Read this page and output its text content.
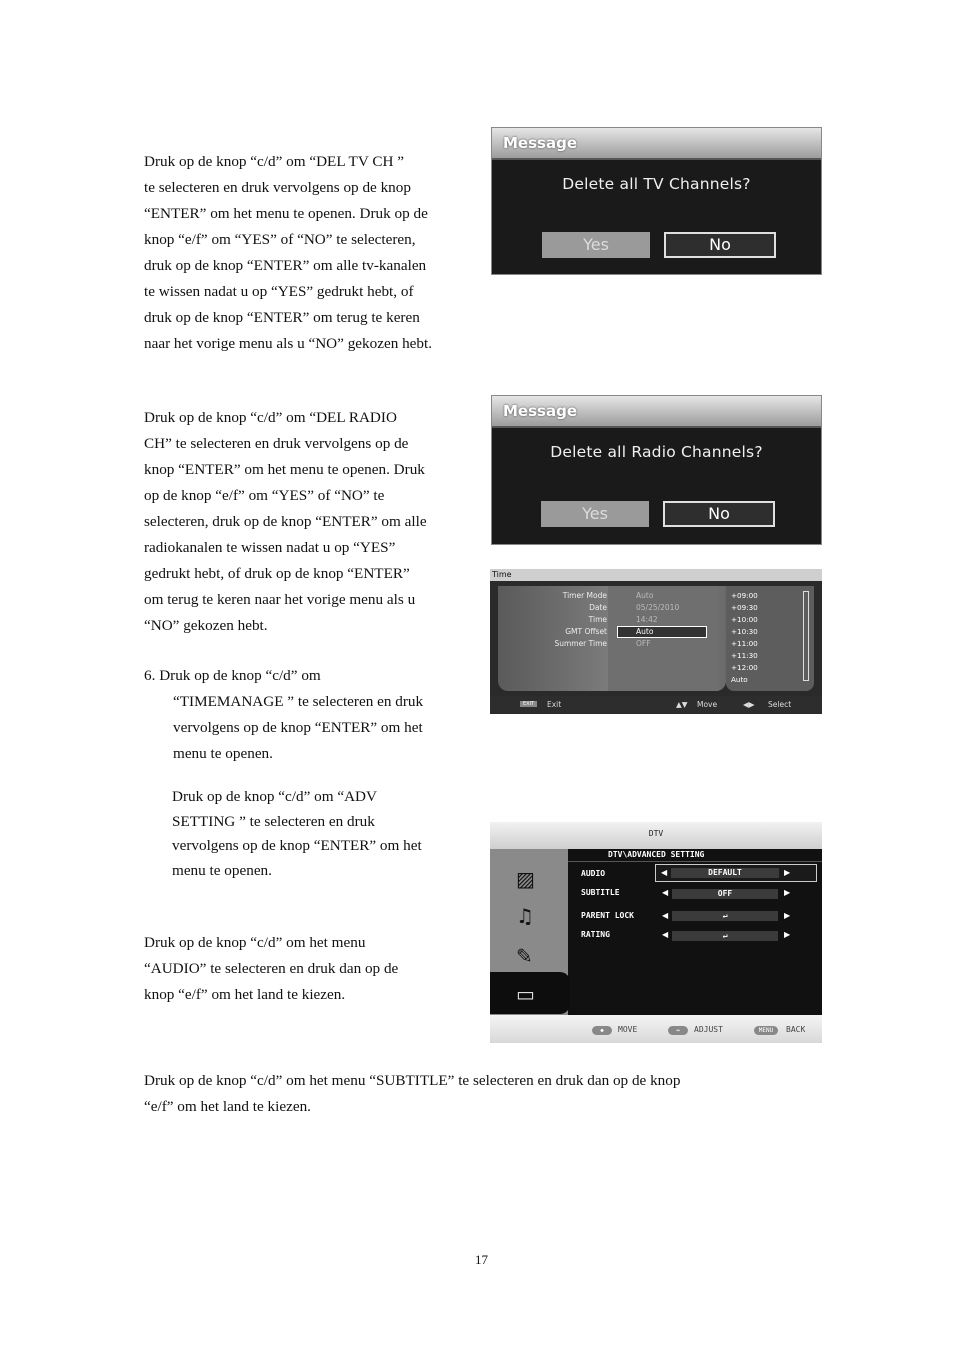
Druk op de knop “c/d” om “DEL TV CH ”

te selecteren en druk vervolgens op de knop

“ENTER” om het menu te openen. Druk op de

knop “e/f” om “YES” of “NO” te selecteren,

druk op de knop “ENTER” om alle tv-kanalen

te wissen nadat u op “YES” gedrukt hebt, of

druk op de knop “ENTER” om terug te keren

naar het vorige menu als u “NO” gekozen hebt.

Druk op de knop “c/d” om “DEL RADIO

CH” te selecteren en druk vervolgens op de

knop “ENTER” om het menu te openen. Druk

op de knop “e/f” om “YES” of “NO” te

selecteren, druk op de knop “ENTER” om alle

radiokanalen te wissen nadat u op “YES”

gedrukt hebt, of druk op de knop “ENTER”

om terug te keren naar het vorige menu als u

“NO” gekozen hebt.

6. Druk op de knop “c/d” om

“TIMEMANAGE ” te selecteren en druk

vervolgens op de knop “ENTER” om het

menu te openen.

Druk op de knop “c/d” om “ADV

SETTING ” te selecteren en druk

vervolgens op de knop “ENTER” om het

menu te openen.

Druk op de knop “c/d” om het menu

“AUDIO” te selecteren en druk dan op de

knop “e/f” om het land te kiezen.

Druk op de knop “c/d” om het menu “SUBTITLE” te selecteren en druk dan op de knop

“e/f” om het land te kiezen.

Message
Delete all TV Channels?
Yes	No
Message
Delete all Radio Channels?
Yes	No
Time
Timer Mode	Auto
Date	05/25/2010
Time	14:42
GMT Offset	Auto
Summer Time	OFF
+09:00
+09:30
+10:00
+10:30
+11:00
+11:30
+12:00
Auto
EXIT	Exit	▲▼ Move	◀▶ Select
DTV
▨
♫
✎
▭
DTV\ADVANCED SETTING
AUDIO	◀	DEFAULT	▶
SUBTITLE	◀	OFF	▶
PARENT LOCK	◀	↵	▶
RATING	◀	↵	▶
◆	MOVE	↔	ADJUST	MENU	BACK
17
